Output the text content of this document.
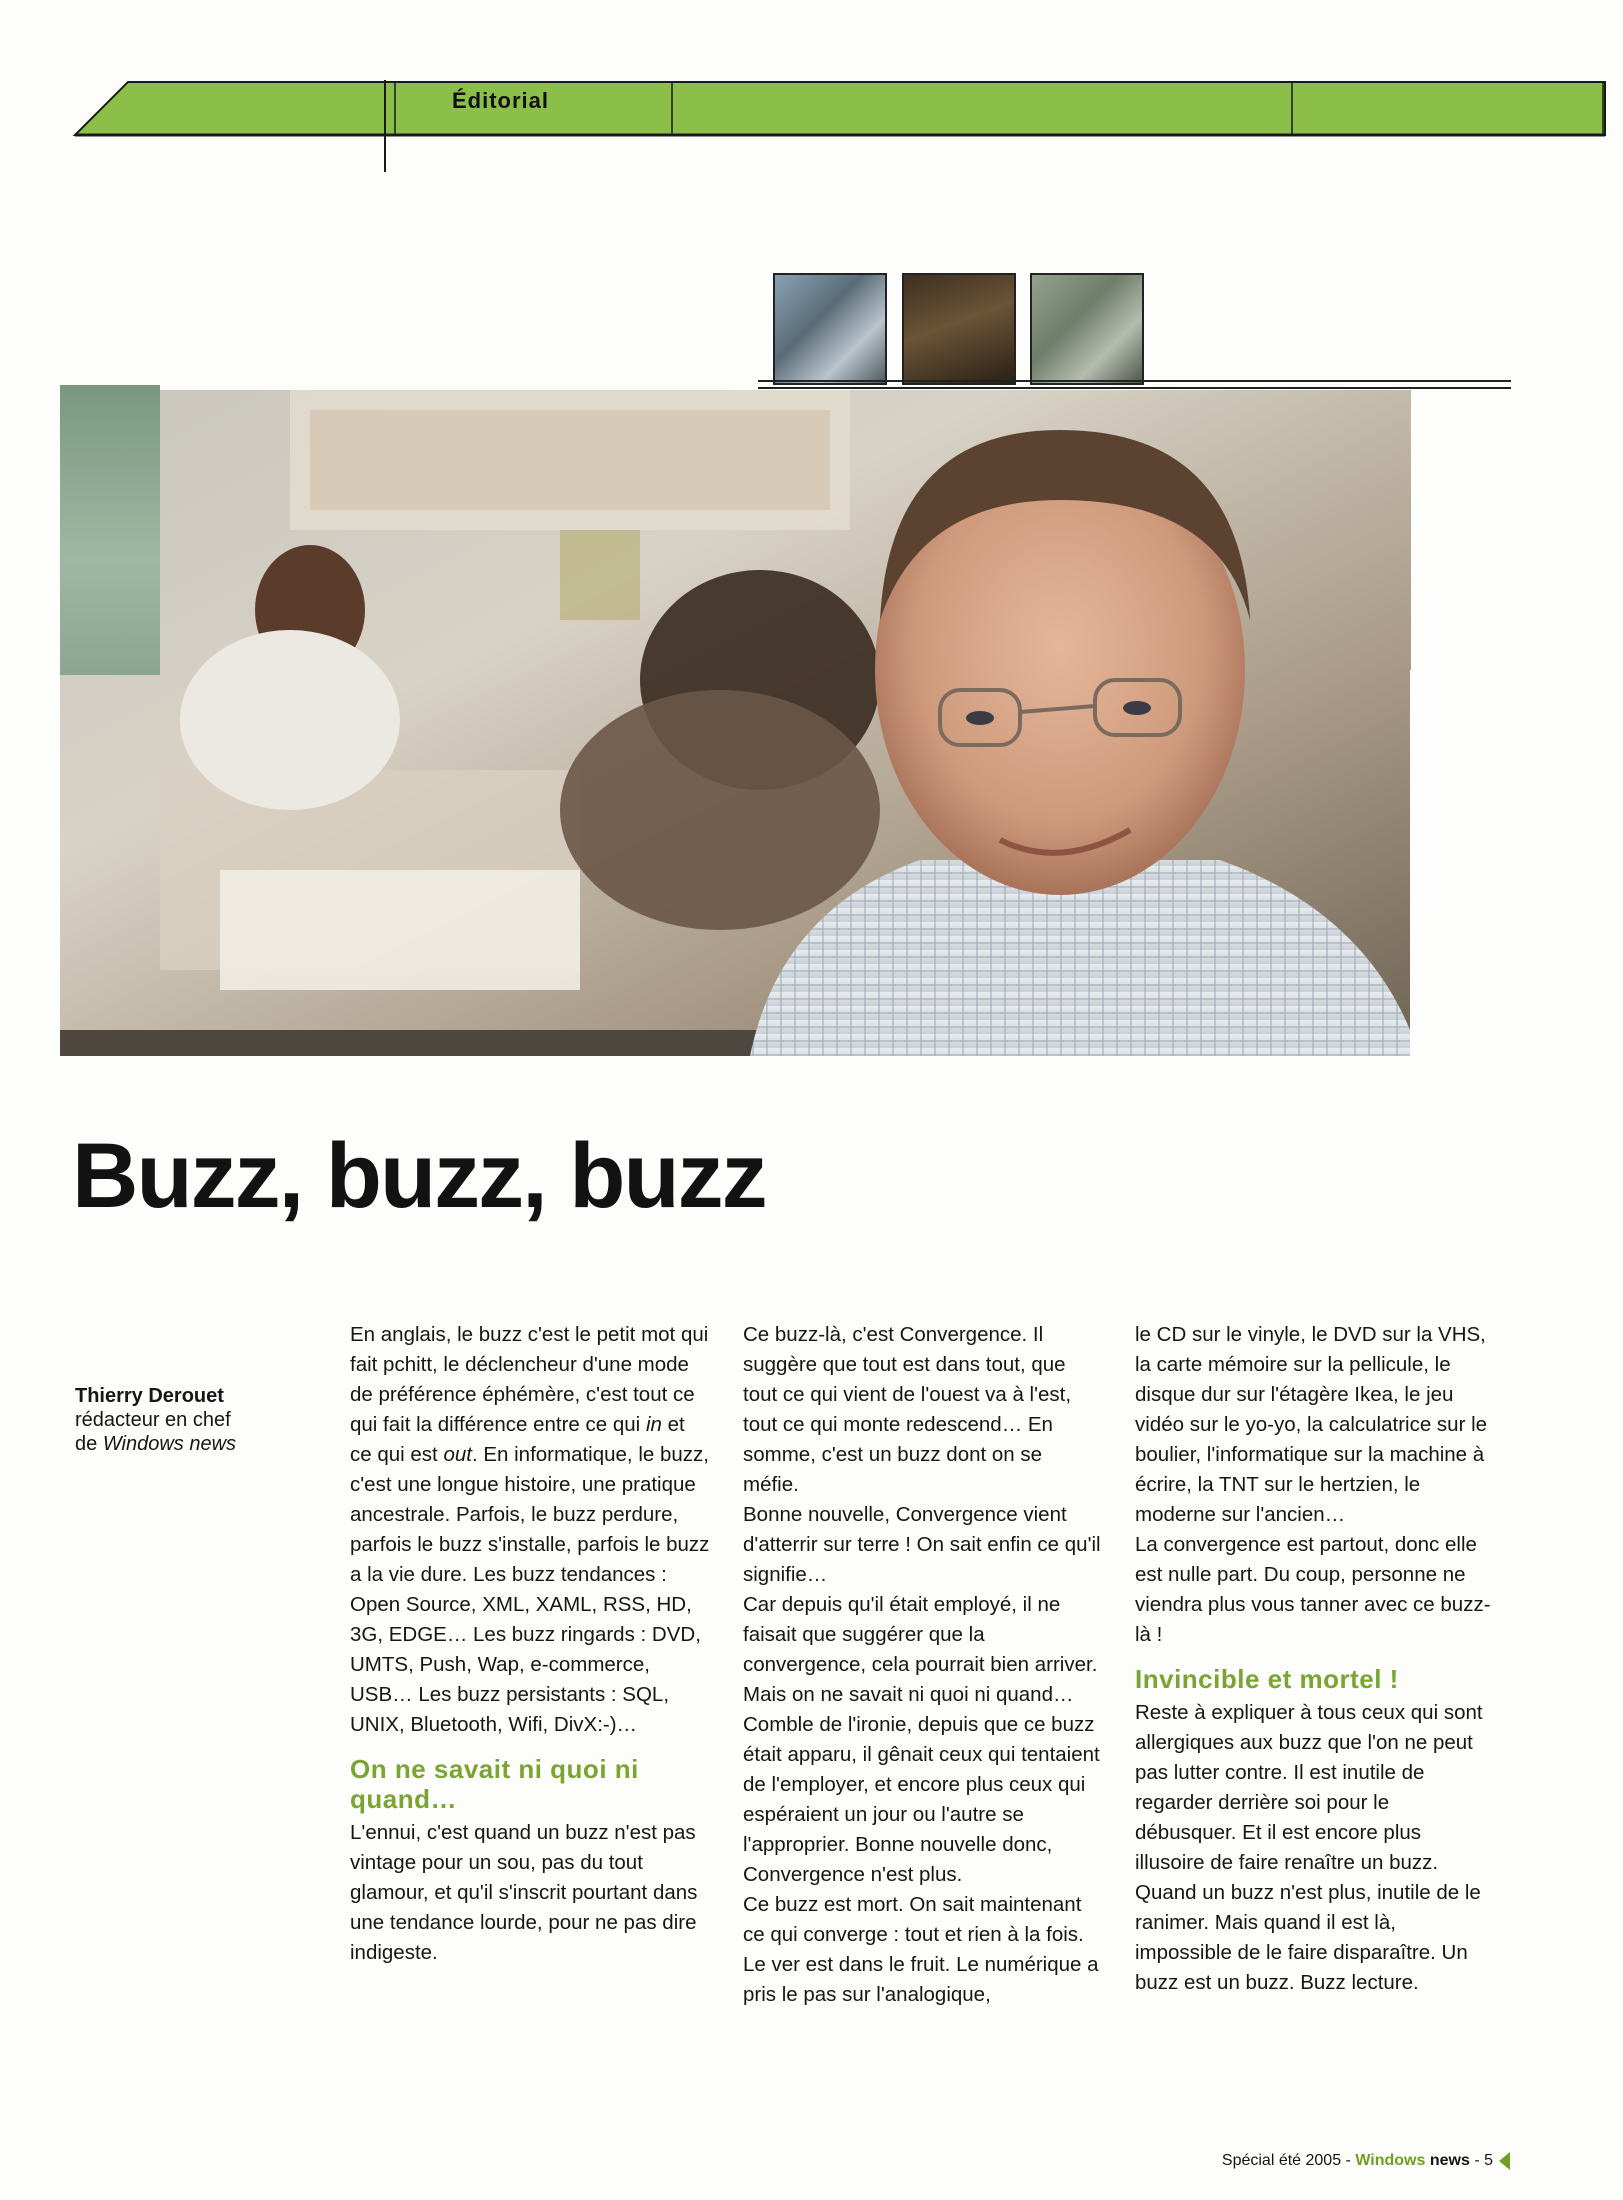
Éditorial
Buzz, buzz, buzz
Thierry Derouet
rédacteur en chef
de Windows news

En anglais, le buzz c'est le petit mot qui fait pchitt, le déclencheur d'une mode de préférence éphémère, c'est tout ce qui fait la différence entre ce qui in et ce qui est out. En informatique, le buzz, c'est une longue histoire, une pratique ancestrale. Parfois, le buzz perdure, parfois le buzz s'installe, parfois le buzz a la vie dure. Les buzz tendances : Open Source, XML, XAML, RSS, HD, 3G, EDGE… Les buzz ringards : DVD, UMTS, Push, Wap, e-commerce, USB… Les buzz persistants : SQL, UNIX, Bluetooth, Wifi, DivX:-)…

On ne savait ni quoi ni quand…

L'ennui, c'est quand un buzz n'est pas vintage pour un sou, pas du tout glamour, et qu'il s'inscrit pourtant dans une tendance lourde, pour ne pas dire indigeste.

Ce buzz-là, c'est Convergence. Il suggère que tout est dans tout, que tout ce qui vient de l'ouest va à l'est, tout ce qui monte redescend… En somme, c'est un buzz dont on se méfie.

Bonne nouvelle, Convergence vient d'atterrir sur terre ! On sait enfin ce qu'il signifie…

Car depuis qu'il était employé, il ne faisait que suggérer que la convergence, cela pourrait bien arriver. Mais on ne savait ni quoi ni quand… Comble de l'ironie, depuis que ce buzz était apparu, il gênait ceux qui tentaient de l'employer, et encore plus ceux qui espéraient un jour ou l'autre se l'approprier. Bonne nouvelle donc, Convergence n'est plus.

Ce buzz est mort. On sait maintenant ce qui converge : tout et rien à la fois. Le ver est dans le fruit. Le numérique a pris le pas sur l'analogique,

le CD sur le vinyle, le DVD sur la VHS, la carte mémoire sur la pellicule, le disque dur sur l'étagère Ikea, le jeu vidéo sur le yo-yo, la calculatrice sur le boulier, l'informatique sur la machine à écrire, la TNT sur le hertzien, le moderne sur l'ancien…

La convergence est partout, donc elle est nulle part. Du coup, personne ne viendra plus vous tanner avec ce buzz-là !

Invincible et mortel !

Reste à expliquer à tous ceux qui sont allergiques aux buzz que l'on ne peut pas lutter contre. Il est inutile de regarder derrière soi pour le débusquer. Et il est encore plus illusoire de faire renaître un buzz. Quand un buzz n'est plus, inutile de le ranimer. Mais quand il est là, impossible de le faire disparaître. Un buzz est un buzz. Buzz lecture.

Spécial été 2005 - Windows news - 5
